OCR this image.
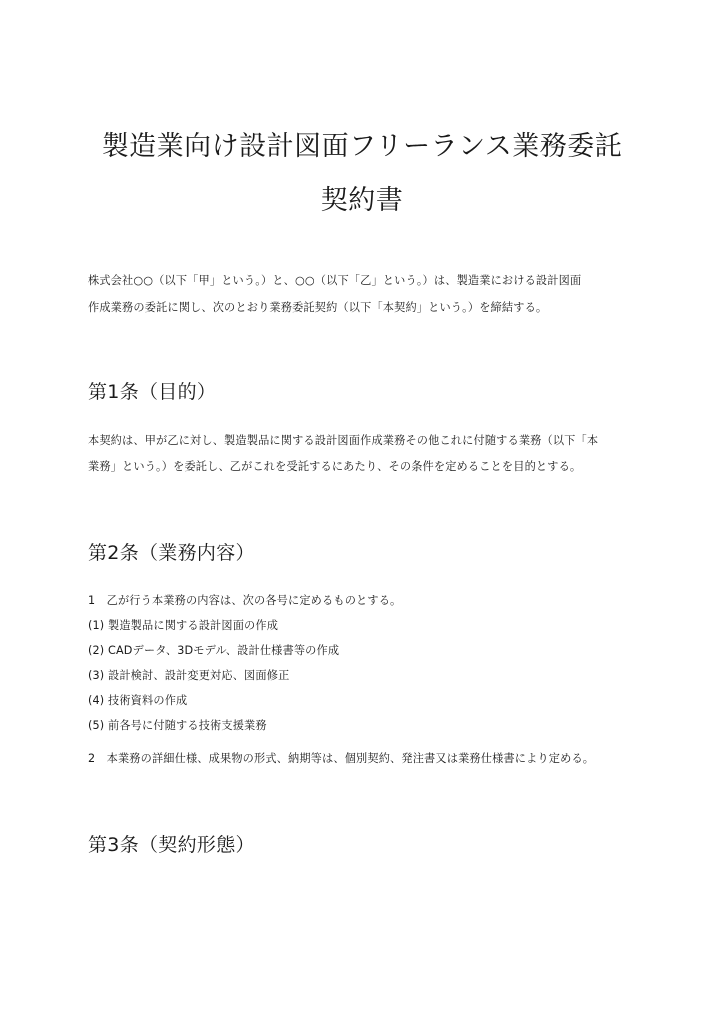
製造業向け設計図面フリーランス業務委託
契約書
株式会社○○（以下「甲」という。）と、○○（以下「乙」という。）は、製造業における設計図面
作成業務の委託に関し、次のとおり業務委託契約（以下「本契約」という。）を締結する。
第1条（目的）
本契約は、甲が乙に対し、製造製品に関する設計図面作成業務その他これに付随する業務（以下「本
業務」という。）を委託し、乙がこれを受託するにあたり、その条件を定めることを目的とする。
第2条（業務内容）
1　乙が行う本業務の内容は、次の各号に定めるものとする。
(1) 製造製品に関する設計図面の作成
(2) CADデータ、3Dモデル、設計仕様書等の作成
(3) 設計検討、設計変更対応、図面修正
(4) 技術資料の作成
(5) 前各号に付随する技術支援業務
2　本業務の詳細仕様、成果物の形式、納期等は、個別契約、発注書又は業務仕様書により定める。
第3条（契約形態）
